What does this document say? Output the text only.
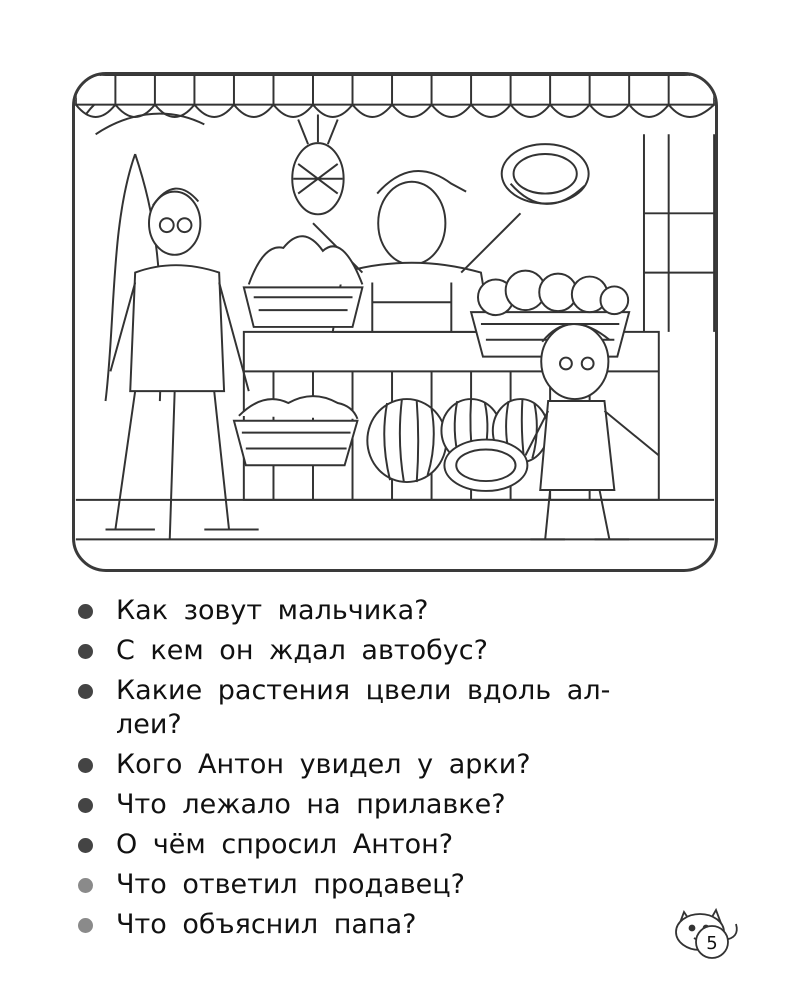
Как зовут мальчика?
С кем он ждал автобус?
Какие растения цвели вдоль ал-
леи?
Кого Антон увидел у арки?
Что лежало на прилавке?
О чём спросил Антон?
Что ответил продавец?
Что объяснил папа?
5
